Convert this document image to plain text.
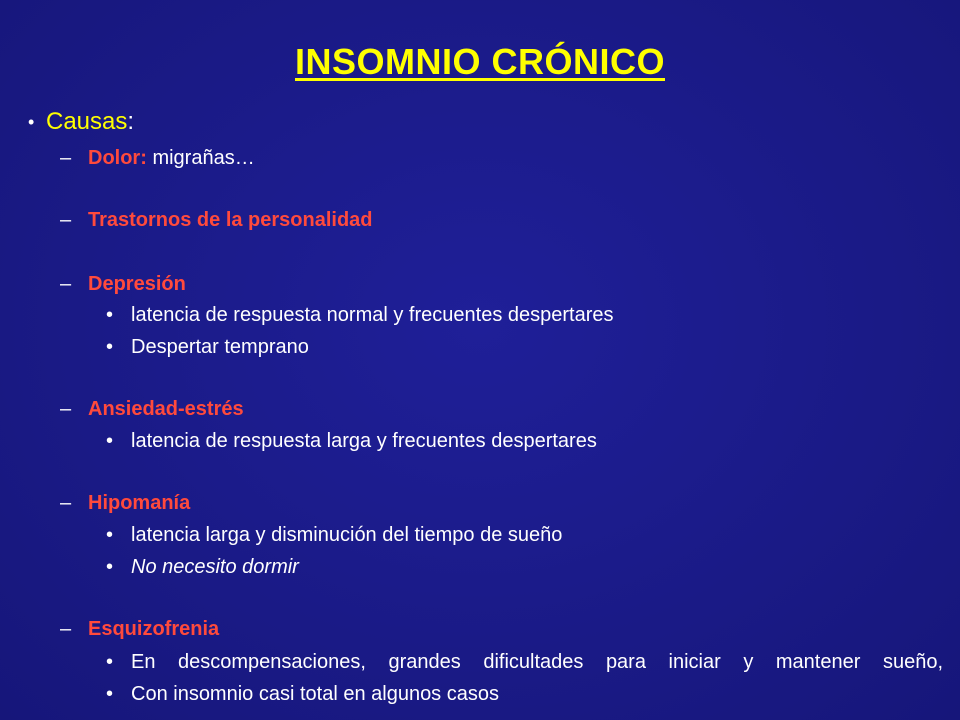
INSOMNIO CRÓNICO
• Causas:
– Dolor: migrañas…
– Trastornos de la personalidad
– Depresión
• latencia de respuesta normal y frecuentes despertares
• Despertar temprano
– Ansiedad-estrés
• latencia de respuesta larga y frecuentes despertares
– Hipomanía
• latencia larga y disminución del tiempo de sueño
• No necesito dormir
– Esquizofrenia
• En descompensaciones, grandes dificultades para iniciar y mantener sueño,
• Con insomnio casi total en algunos casos
